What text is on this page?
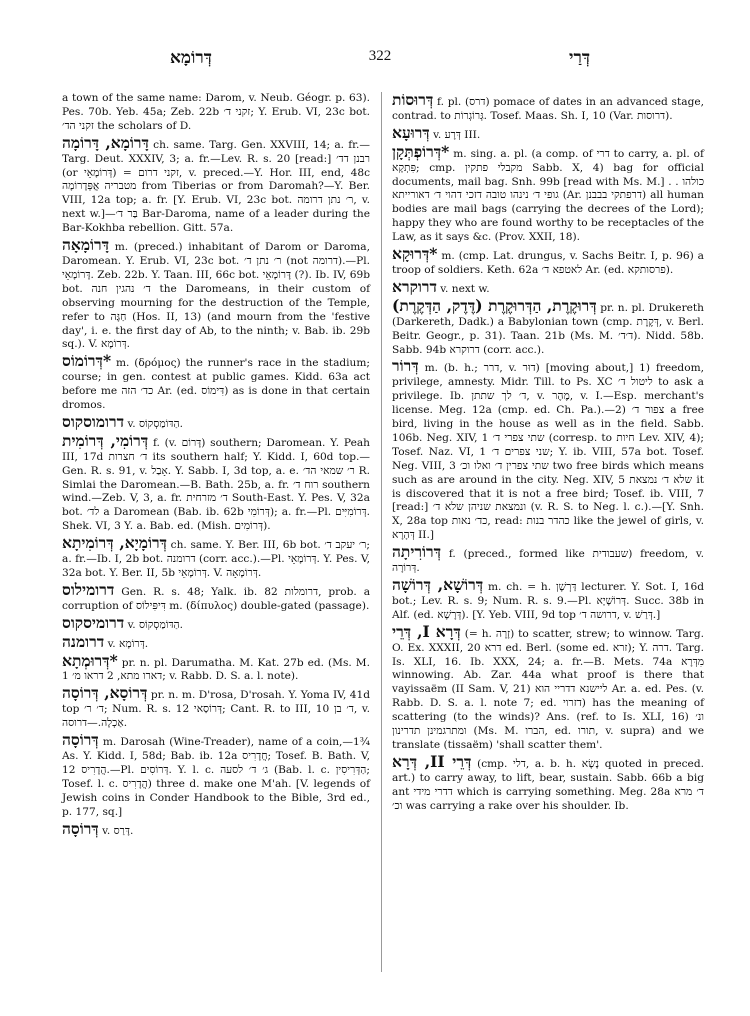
דְּרוֹמָא	322	דְּרַי
a town of the same name: Darom, v. Neub. Géogr. p. 63). Pes. 70b. Yeb. 45a; Zeb. 22b זקני ד׳; Y. Erub. VI, 23c bot. זקני הד׳ the scholars of D.
דָּרוֹמָא, דָּרוֹמָה ch. same. Targ. Gen. XXVIII, 14; a. fr.—Targ. Deut. XXXIV, 3; a. fr.—Lev. R. s. 20 [read:] רבנן דד׳ (or דְּרוֹמָאֵי) = זקני דרום, v. preced.—Y. Hor. III, end, 48c מטבריה אֲפְּדָרוֹמָה from Tiberias or from Daromah?—Y. Ber. VIII, 12a top; a. fr. [Y. Erub. VI, 23c bot. ר׳ נתן דרומה, v. next w.]—בַּר ד׳ Bar-Daroma, name of a leader during the Bar-Kokhba rebellion. Gitt. 57a.
דָּרוֹמָאָה m. (preced.) inhabitant of Darom or Daroma, Daromean. Y. Erub. VI, 23c bot. ר׳ נתן ד׳ (not דרומה).—Pl. דָּרוֹמָאֵי. Zeb. 22b. Y. Taan. III, 66c bot. דָּרוֹמָאֵי (?). Ib. IV, 69b bot. ד׳ נהגין חנה the Daromeans, in their custom of observing mourning for the destruction of the Temple, refer to חַגָּה (Hos. II, 13) (and mourn from the 'festive day', i. e. the first day of Ab, to the ninth; v. Bab. ib. 29b sq.). V. דְּרוֹמָא.
*דְּרוֹמוֹס m. (δρόμος) the runner's race in the stadium; course; in gen. contest at public games. Kidd. 63a act before me כד׳ הזה Ar. (ed. דִּימוֹס) as is done in that certain dromos.
דרומוסקוס v. הַדּוֹמַסְקוֹס.
דְּרוֹמִי, דְּרוֹמִית f. (v. דָּרוֹם) southern; Daromean. Y. Peah III, 17d ד׳ חצרות its southern half; Y. Kidd. I, 60d top.—Gen. R. s. 91, v. אָבַל. Y. Sabb. I, 3d top, a. e. ר׳ שמאי הד׳ R. Simlai the Daromean.—B. Bath. 25b, a. fr. רוח ד׳ southern wind.—Zeb. V, 3, a. fr. ד׳ מזרחית South-East. Y. Pes. V, 32a bot. לד׳ a Daromean (Bab. ib. 62b דְּרוֹמִי); a. fr.—Pl. דְּרוֹמִיִּים. Shek. VI, 3 Y. a. Bab. ed. (Mish. דְּרוֹמִים).
דְּרוֹמָיָא, דְּרוֹמִיתָא ch. same. Y. Ber. III, 6b bot. ר׳ יעקב ד׳; a. fr.—Ib. I, 2b bot. דרומנה (corr. acc.).—Pl. דְּרוֹמָאֵי. Y. Pes. V, 32a bot. Y. Ber. II, 5b דְּרוֹמָאֵי. V. דְּרוֹמָאָה.
דרומילוס Gen. R. s. 48; Yalk. ib. 82 דרומלות, prob. a corruption of דִּיפִּילוֹס m. (δίπυλος) double-gated (passage).
דרומיסקוס v. הַדּוֹמַסְקוֹס.
דרומנה v. דְּרוֹמָא.
*דְּרוּמְתָא pr. n. pl. Darumatha. M. Kat. 27b ed. (Ms. M. 1 דארו מתא, 2 דראו מ׳; v. Rabb. D. S. a. l. note).
דְּרוֹסָא, דְּרוֹסָה pr. n. m. D'rosa, D'rosah. Y. Yoma IV, 41d top ד׳ ר׳; Num. R. s. 12 דְּרוֹסַאי; Cant. R. to III, 10 ד׳ בן, v. אַכְלָה.—דרוסה.
דְּרוֹסָה m. Darosah (Wine-Treader), name of a coin,—1¾ As. Y. Kidd. I, 58d; Bab. ib. 12a חֲדָרִיס; Tosef. B. Bath. V, 12 הֲדָרִיס.—Pl. דְּרוֹסִים. Y. l. c. ג׳ ד׳ לסעה (Bab. l. c. הַדְּרִיסִין; Tosef. l. c. הֲדָרִיס) three d. make one M'ah. [V. legends of Jewish coins in Conder Handbook to the Bible, 3rd ed., p. 177, sq.]
דְּרוֹסָה v. דָּרַס.
דְּרוּסוֹת f. pl. (דרס) pomace of dates in an advanced stage, contrad. to גְּרוֹגְרוֹת. Tosef. Maas. Sh. I, 10 (Var. דרוסות).
דְּרוּעָא v. דְּרָע III.
*דְּרוֹפְתְּקָן m. sing. a. pl. (a comp. of דרי to carry, a. pl. of פִּתְקָא; cmp. מקבלי פתקין Sabb. X, 4) bag for official documents, mail bag. Snh. 99b [read with Ms. M.] . . כולהו גופי ד׳ נינהו טובה דזכי דהוי ד׳ דאורייתא (Ar. דרפתקי בבבנן) all human bodies are mail bags (carrying the decrees of the Lord); happy they who are found worthy to be receptacles of the Law, as it says &c. (Prov. XXII, 18).
*דְּרוּקָא m. (cmp. Lat. drungus, v. Sachs Beitr. I, p. 96) a troop of soldiers. Keth. 62a לאטפא ד׳ Ar. (ed. פרסותקא).
דרוקרא v. next w.
דְּרוּקֶרֶת, הַדְּרוּקֶרֶת (דֶּדֶק, הַדְּקֶרֶת) pr. n. pl. Drukereth (Darkereth, Dadk.) a Babylonian town (cmp. דְּקֶרֶת, v. Berl. Beitr. Geogr., p. 31). Taan. 21b (Ms. M. ד׳ד׳). Nidd. 58b. Sabb. 94b דרוקרא (corr. acc.).
דְּרוֹר m. (b. h.; דרר, v. דוּר) [moving about,] 1) freedom, privilege, amnesty. Midr. Till. to Ps. XC ליטול ד׳ to ask a privilege. Ib. ד׳ לך שתתן, v. מֶהֶר, v. I.—Esp. merchant's license. Meg. 12a (cmp. ed. Ch. Pa.).—2) צפור ד׳ a free bird, living in the house as well as in the field. Sabb. 106b. Neg. XIV, 1 שתי צפרי ד׳ (corresp. to חיות Lev. XIV, 4); Tosef. Naz. VI, 1 שני צפרים ד׳; Y. ib. VIII, 57a bot. Tosef. Neg. VIII, 3 שתי צפרין ד׳ ואלו וכ׳ two free birds which means such as are around in the city. Neg. XIV, 5 שלא ד׳ נמצאת it is discovered that it is not a free bird; Tosef. ib. VIII, 7 [read:] ונמצאת שניהן שלא ד׳ (v. R. S. to Neg. l. c.).—[Y. Snh. X, 28a top כד׳ נאות, read: כהדר בנות like the jewel of girls, v. דְּהָרָא II.]
דְּרוֹרִיתָה f. (preced., formed like שעבודית) freedom, v. דְּרוֹרָה.
דְּרוֹשָׁא, דְּרוֹשָׁה m. ch. = h. דַּרְשָׁן lecturer. Y. Sot. I, 16d bot.; Lev. R. s. 9; Num. R. s. 9.—Pl. דְּרוֹשָׁיָא. Succ. 38b in Alf. (ed. דְּרָשָׁא). [Y. Yeb. VIII, 9d top דרושה ד׳, v. דְּרַשׁ.]
דְּרָא I, דְּרֵי (= h. זָרָה) to scatter, strew; to winnow. Targ. O. Ex. XXXII, 20 דרא ed. Berl. (some ed. זרא); Y. דרה. Targ. Is. XLI, 16. Ib. XXX, 24; a. fr.—B. Mets. 74a מִדְּרָא winnowing. Ab. Zar. 44a what proof is there that vayissaëm (II Sam. V, 21) ליישנא דדריי הוא Ar. a. ed. Pes. (v. Rabb. D. S. a. l. note 7; ed. דזרוי) has the meaning of scattering (to the winds)? Ans. (ref. to Is. XLI, 16) ונ׳ ומתרגמינן תדרינון (Ms. M. הברו, ed. תורו, v. supra) and we translate (tissaëm) 'shall scatter them'.
דְּרֵי II, דְּרָא (cmp. דלי, a. b. h. נָשָׂא quoted in preced. art.) to carry away, to lift, bear, sustain. Sabb. 66b a big ant דדרי מידי which is carrying something. Meg. 28a ד׳ מרא וכ׳ was carrying a rake over his shoulder. Ib.
